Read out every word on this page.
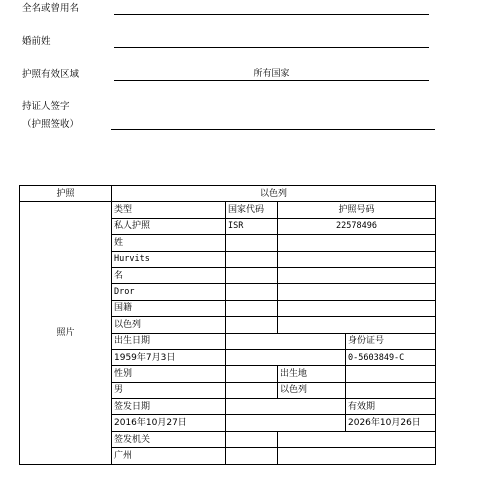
全名或曾用名
婚前姓
护照有效区域	所有国家
持证人签字
（护照签收）
护照	以色列			
照片	类型	国家代码	护照号码	
	私人护照	ISR	22578496	
	姓			
	Hurvits			
	名			
	Dror			
	国籍			
	以色列			
	出生日期			身份证号
	1959年7月3日			0-5603849-C
	性别		出生地	
	男		以色列	
	签发日期			有效期
	2016年10月27日			2026年10月26日
	签发机关			
	广州			
